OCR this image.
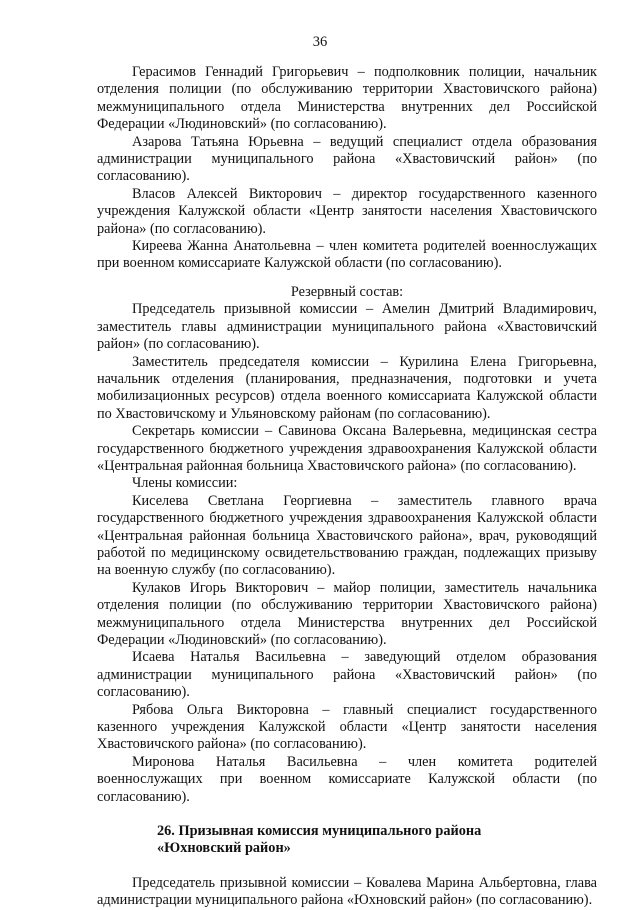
36

Герасимов Геннадий Григорьевич – подполковник полиции, начальник отделения полиции (по обслуживанию территории Хвастовичского района) межмуниципального отдела Министерства внутренних дел Российской Федерации «Людиновский» (по согласованию).

Азарова Татьяна Юрьевна – ведущий специалист отдела образования администрации муниципального района «Хвастовичский район» (по согласованию).

Власов Алексей Викторович – директор государственного казенного учреждения Калужской области «Центр занятости населения Хвастовичского района» (по согласованию).

Киреева Жанна Анатольевна – член комитета родителей военнослужащих при военном комиссариате Калужской области (по согласованию).

Резервный состав:

Председатель призывной комиссии – Амелин Дмитрий Владимирович, заместитель главы администрации муниципального района «Хвастовичский район» (по согласованию).

Заместитель председателя комиссии – Курилина Елена Григорьевна, начальник отделения (планирования, предназначения, подготовки и учета мобилизационных ресурсов) отдела военного комиссариата Калужской области по Хвастовичскому и Ульяновскому районам (по согласованию).

Секретарь комиссии – Савинова Оксана Валерьевна, медицинская сестра государственного бюджетного учреждения здравоохранения Калужской области «Центральная районная больница Хвастовичского района» (по согласованию).

Члены комиссии:

Киселева Светлана Георгиевна – заместитель главного врача государственного бюджетного учреждения здравоохранения Калужской области «Центральная районная больница Хвастовичского района», врач, руководящий работой по медицинскому освидетельствованию граждан, подлежащих призыву на военную службу (по согласованию).

Кулаков Игорь Викторович – майор полиции, заместитель начальника отделения полиции (по обслуживанию территории Хвастовичского района) межмуниципального отдела Министерства внутренних дел Российской Федерации «Людиновский» (по согласованию).

Исаева Наталья Васильевна – заведующий отделом образования администрации муниципального района «Хвастовичский район» (по согласованию).

Рябова Ольга Викторовна – главный специалист государственного казенного учреждения Калужской области «Центр занятости населения Хвастовичского района» (по согласованию).

Миронова Наталья Васильевна – член комитета родителей военнослужащих при военном комиссариате Калужской области (по согласованию).

26. Призывная комиссия муниципального района

«Юхновский район»

Председатель призывной комиссии – Ковалева Марина Альбертовна, глава администрации муниципального района «Юхновский район» (по согласованию).
